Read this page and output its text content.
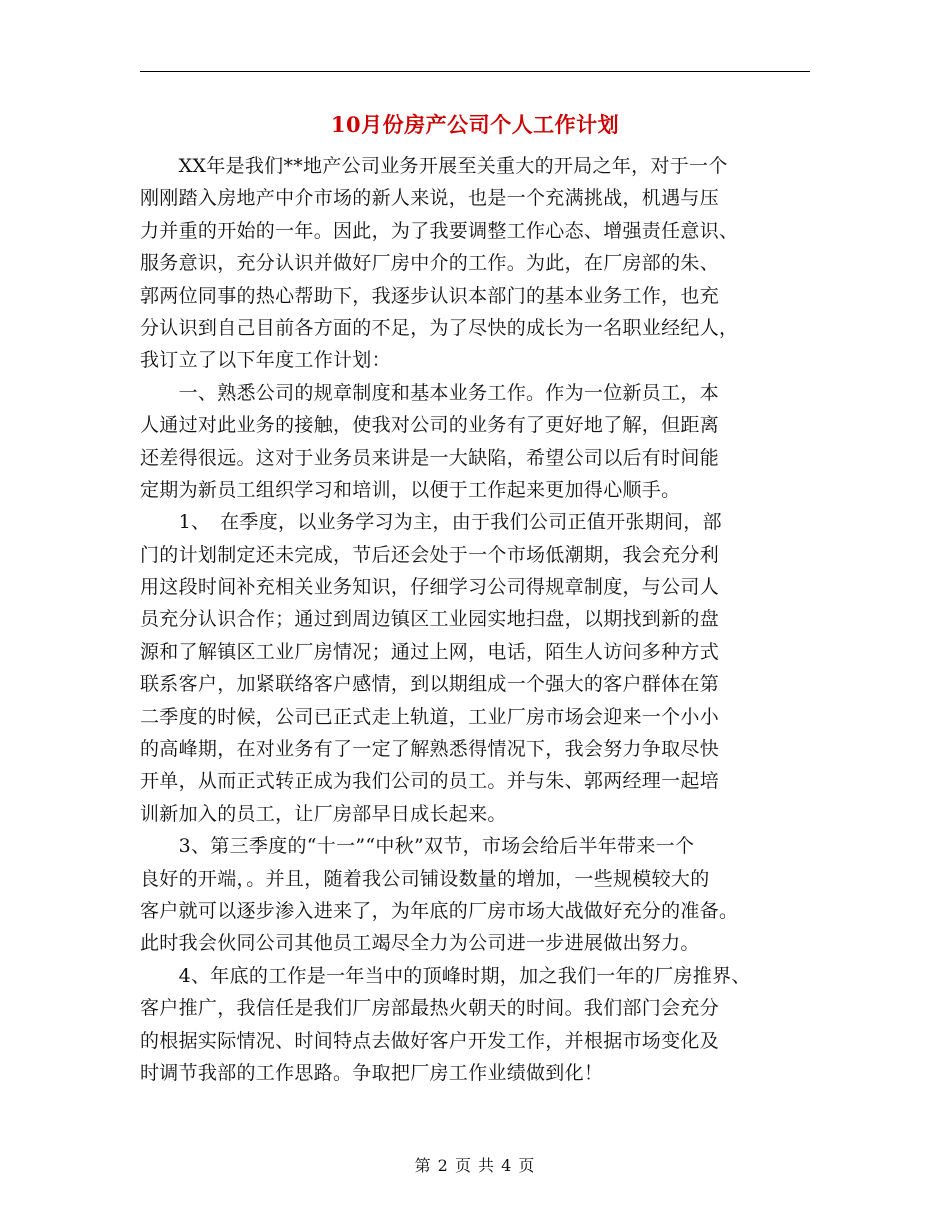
10月份房产公司个人工作计划
　　XX年是我们**地产公司业务开展至关重大的开局之年，对于一个
刚刚踏入房地产中介市场的新人来说，也是一个充满挑战，机遇与压
力并重的开始的一年。因此，为了我要调整工作心态、增强责任意识、
服务意识，充分认识并做好厂房中介的工作。为此，在厂房部的朱、
郭两位同事的热心帮助下，我逐步认识本部门的基本业务工作，也充
分认识到自己目前各方面的不足，为了尽快的成长为一名职业经纪人，
我订立了以下年度工作计划：
　　一、熟悉公司的规章制度和基本业务工作。作为一位新员工，本
人通过对此业务的接触，使我对公司的业务有了更好地了解，但距离
还差得很远。这对于业务员来讲是一大缺陷，希望公司以后有时间能
定期为新员工组织学习和培训，以便于工作起来更加得心顺手。
　　1、　在季度，以业务学习为主，由于我们公司正值开张期间，部
门的计划制定还未完成，节后还会处于一个市场低潮期，我会充分利
用这段时间补充相关业务知识，仔细学习公司得规章制度，与公司人
员充分认识合作；通过到周边镇区工业园实地扫盘，以期找到新的盘
源和了解镇区工业厂房情况；通过上网，电话，陌生人访问多种方式
联系客户，加紧联络客户感情，到以期组成一个强大的客户群体在第
二季度的时候，公司已正式走上轨道，工业厂房市场会迎来一个小小
的高峰期，在对业务有了一定了解熟悉得情况下，我会努力争取尽快
开单，从而正式转正成为我们公司的员工。并与朱、郭两经理一起培
训新加入的员工，让厂房部早日成长起来。
　　3、第三季度的“十一”“中秋”双节，市场会给后半年带来一个
良好的开端，。并且，随着我公司铺设数量的增加，一些规模较大的
客户就可以逐步渗入进来了，为年底的厂房市场大战做好充分的准备。
此时我会伙同公司其他员工竭尽全力为公司进一步进展做出努力。
　　4、年底的工作是一年当中的顶峰时期，加之我们一年的厂房推界、
客户推广，我信任是我们厂房部最热火朝天的时间。我们部门会充分
的根据实际情况、时间特点去做好客户开发工作，并根据市场变化及
时调节我部的工作思路。争取把厂房工作业绩做到化！
第 2 页 共 4 页
